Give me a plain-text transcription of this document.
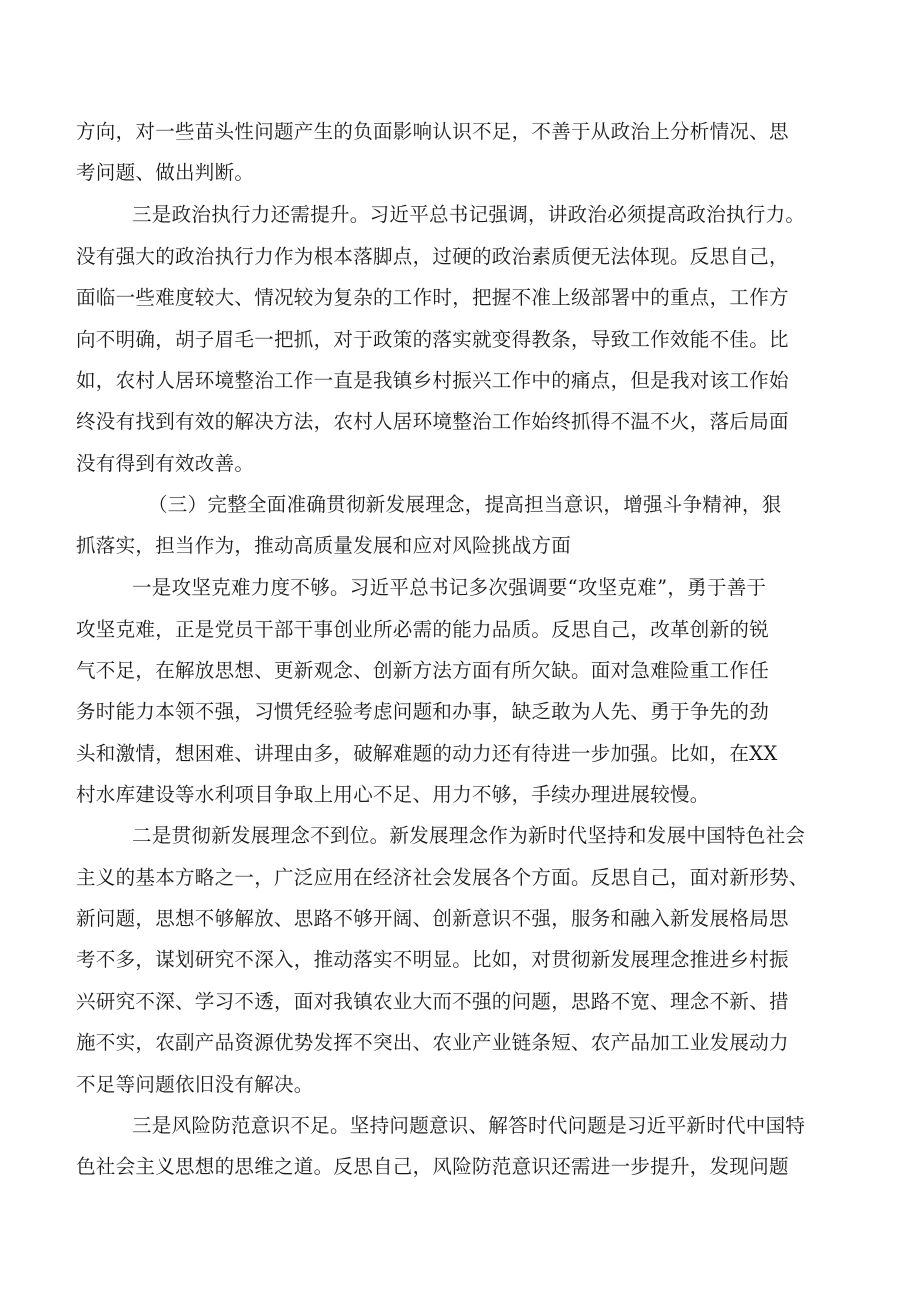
方向，对一些苗头性问题产生的负面影响认识不足，不善于从政治上分析情况、思
考问题、做出判断。
三是政治执行力还需提升。习近平总书记强调，讲政治必须提高政治执行力。
没有强大的政治执行力作为根本落脚点，过硬的政治素质便无法体现。反思自己，
面临一些难度较大、情况较为复杂的工作时，把握不准上级部署中的重点，工作方
向不明确，胡子眉毛一把抓，对于政策的落实就变得教条，导致工作效能不佳。比
如，农村人居环境整治工作一直是我镇乡村振兴工作中的痛点，但是我对该工作始
终没有找到有效的解决方法，农村人居环境整治工作始终抓得不温不火，落后局面
没有得到有效改善。
（三）完整全面准确贯彻新发展理念，提高担当意识，增强斗争精神，狠
抓落实，担当作为，推动高质量发展和应对风险挑战方面
一是攻坚克难力度不够。习近平总书记多次强调要“攻坚克难”，勇于善于
攻坚克难，正是党员干部干事创业所必需的能力品质。反思自己，改革创新的锐
气不足，在解放思想、更新观念、创新方法方面有所欠缺。面对急难险重工作任
务时能力本领不强，习惯凭经验考虑问题和办事，缺乏敢为人先、勇于争先的劲
头和激情，想困难、讲理由多，破解难题的动力还有待进一步加强。比如，在XX
村水库建设等水利项目争取上用心不足、用力不够，手续办理进展较慢。
二是贯彻新发展理念不到位。新发展理念作为新时代坚持和发展中国特色社会
主义的基本方略之一，广泛应用在经济社会发展各个方面。反思自己，面对新形势、
新问题，思想不够解放、思路不够开阔、创新意识不强，服务和融入新发展格局思
考不多，谋划研究不深入，推动落实不明显。比如，对贯彻新发展理念推进乡村振
兴研究不深、学习不透，面对我镇农业大而不强的问题，思路不宽、理念不新、措
施不实，农副产品资源优势发挥不突出、农业产业链条短、农产品加工业发展动力
不足等问题依旧没有解决。
三是风险防范意识不足。坚持问题意识、解答时代问题是习近平新时代中国特
色社会主义思想的思维之道。反思自己，风险防范意识还需进一步提升，发现问题
